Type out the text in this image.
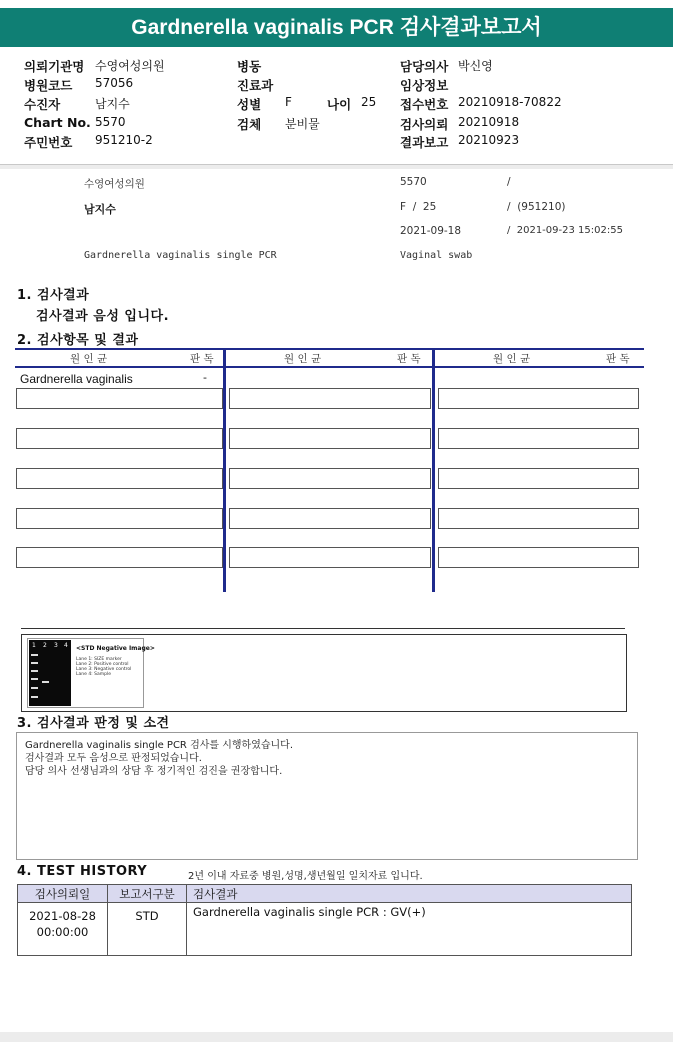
Gardnerella vaginalis PCR 검사결과보고서
의뢰기관명 수영여성의원
병원코드 57056
수진자	남지수
Chart No. 5570
주민번호 951210-2
병동
진료과
성별 F	나이 25
검체 분비물
담당의사 박신영
임상정보
접수번호 20210918-70822
검사의뢰 20210918
결과보고 20210923
수영여성의원	5570	/
남지수	F  /  25	/  (951210)
2021-09-18	/  2021-09-23 15:02:55
Gardnerella vaginalis single PCR	Vaginal swab
1. 검사결과
검사결과 음성 입니다.
2. 검사항목 및 결과
원 인 균	판 독	원 인 균	판 독	원 인 균	판 독
Gardnerella vaginalis	-
1 2 3 4 <STD Negative Image>
Lane 1: SIZE marker
Lane 2: Positive control
Lane 3: Negative control
Lane 4: Sample
3. 검사결과 판정 및 소견
Gardnerella vaginalis single PCR 검사를 시행하였습니다.
검사결과 모두 음성으로 판정되었습니다.
담당 의사 선생님과의 상담 후 정기적인 검진을 권장합니다.
4. TEST HISTORY	2년 이내 자료중 병원,성명,생년월일 일치자료 입니다.
검사의뢰일	보고서구분	검사결과

2021-08-28
00:00:00	STD	Gardnerella vaginalis single PCR : GV(+)
